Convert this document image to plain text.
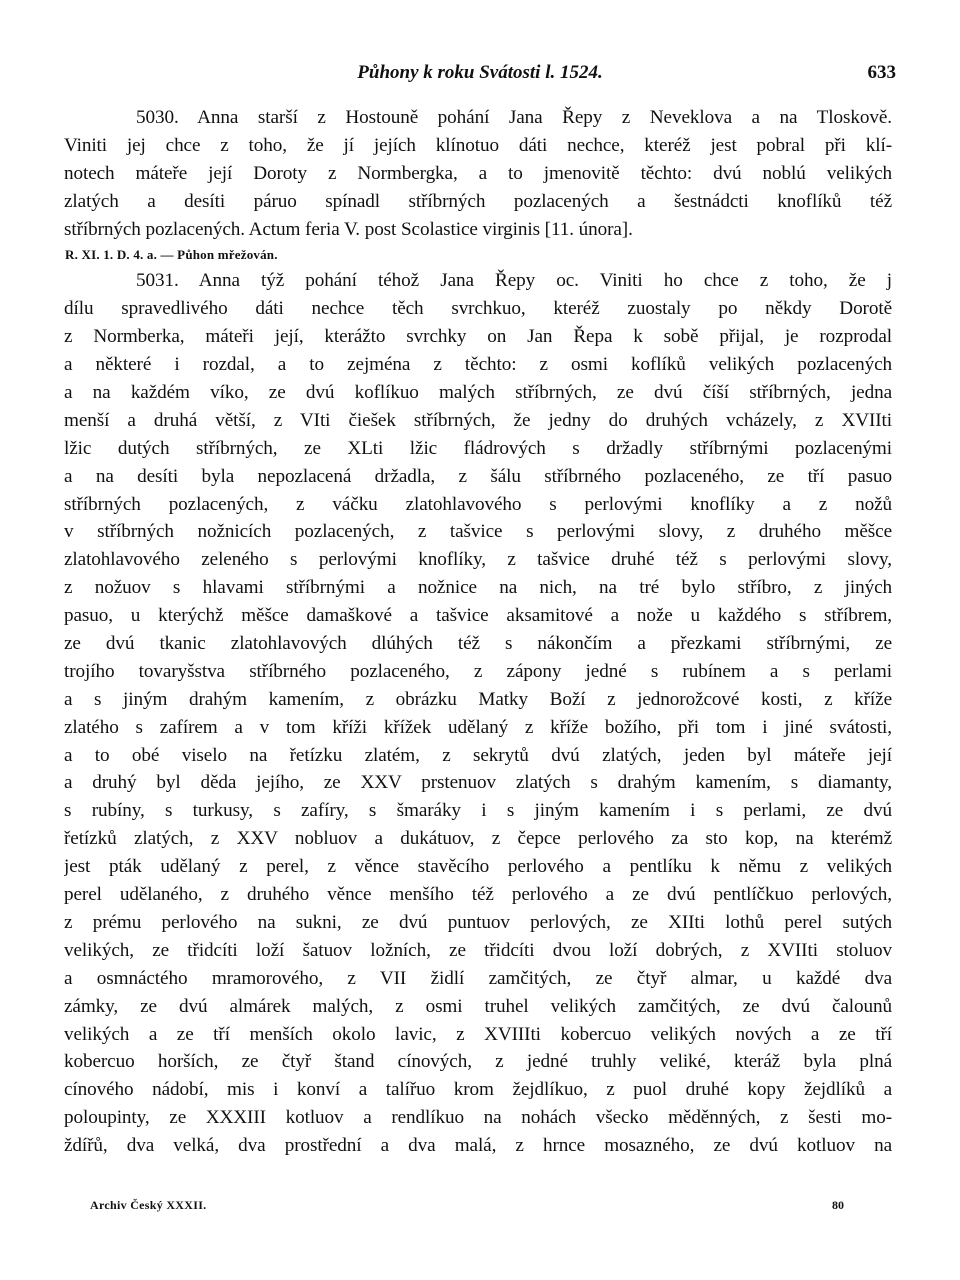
Půhony k roku Svátosti l. 1524.	633
5030. Anna starší z Hostouně pohání Jana Řepy z Neveklova a na Tloskově.
Viniti jej chce z toho, že jí jejích klínotuo dáti nechce, kteréž jest pobral při klí-
notech máteře její Doroty z Normbergka, a to jmenovitě těchto: dvú noblú velikých
zlatých a desíti páruo spínadl stříbrných pozlacených a šestnádcti knoflíků též
stříbrných pozlacených. Actum feria V. post Scolastice virginis [11. února].
R. XI. 1. D. 4. a. — Půhon mřežován.
5031. Anna týž pohání téhož Jana Řepy oc. Viniti ho chce z toho, že j
dílu spravedlivého dáti nechce těch svrchkuo, kteréž zuostaly po někdy Dorotě
z Normberka, máteři její, kterážto svrchky on Jan Řepa k sobě přijal, je rozprodal
a některé i rozdal, a to zejména z těchto: z osmi koflíků velikých pozlacených
a na každém víko, ze dvú koflíkuo malých stříbrných, ze dvú číší stříbrných, jedna
menší a druhá větší, z VIti čiešek stříbrných, že jedny do druhých vcházely, z XVIIti
lžic dutých stříbrných, ze XLti lžic fládrových s držadly stříbrnými pozlacenými
a na desíti byla nepozlacená držadla, z šálu stříbrného pozlaceného, ze tří pasuo
stříbrných pozlacených, z váčku zlatohlavového s perlovými knoflíky a z nožů
v stříbrných nožnicích pozlacených, z tašvice s perlovými slovy, z druhého měšce
zlatohlavového zeleného s perlovými knoflíky, z tašvice druhé též s perlovými slovy,
z nožuov s hlavami stříbrnými a nožnice na nich, na tré bylo stříbro, z jiných
pasuo, u kterýchž měšce damaškové a tašvice aksamitové a nože u každého s stříbrem,
ze dvú tkanic zlatohlavových dlúhých též s nákončím a přezkami stříbrnými, ze
trojího tovaryšstva stříbrného pozlaceného, z zápony jedné s rubínem a s perlami
a s jiným drahým kamením, z obrázku Matky Boží z jednorožcové kosti, z kříže
zlatého s zafírem a v tom kříži křížek udělaný z kříže božího, při tom i jiné svátosti,
a to obé viselo na řetízku zlatém, z sekrytů dvú zlatých, jeden byl máteře její
a druhý byl děda jejího, ze XXV prstenuov zlatých s drahým kamením, s diamanty,
s rubíny, s turkusy, s zafíry, s šmaráky i s jiným kamením i s perlami, ze dvú
řetízků zlatých, z XXV nobluov a dukátuov, z čepce perlového za sto kop, na kterémž
jest pták udělaný z perel, z věnce stavěcího perlového a pentlíku k němu z velikých
perel udělaného, z druhého věnce menšího též perlového a ze dvú pentlíčkuo perlových,
z prému perlového na sukni, ze dvú puntuov perlových, ze XIIti lothů perel sutých
velikých, ze třidcíti loží šatuov ložních, ze třidcíti dvou loží dobrých, z XVIIti stoluov
a osmnáctého mramorového, z VII židlí zamčitých, ze čtyř almar, u každé dva
zámky, ze dvú almárek malých, z osmi truhel velikých zamčitých, ze dvú čalounů
velikých a ze tří menších okolo lavic, z XVIIIti kobercuo velikých nových a ze tří
kobercuo horších, ze čtyř štand cínových, z jedné truhly veliké, kteráž byla plná
cínového nádobí, mis i konví a talířuo krom žejdlíkuo, z puol druhé kopy žejdlíků a
poloupinty, ze XXXIII kotluov a rendlíkuo na nohách všecko měděnných, z šesti mo-
ždířů, dva velká, dva prostřední a dva malá, z hrnce mosazného, ze dvú kotluov na
Archiv Český XXXII.	80
